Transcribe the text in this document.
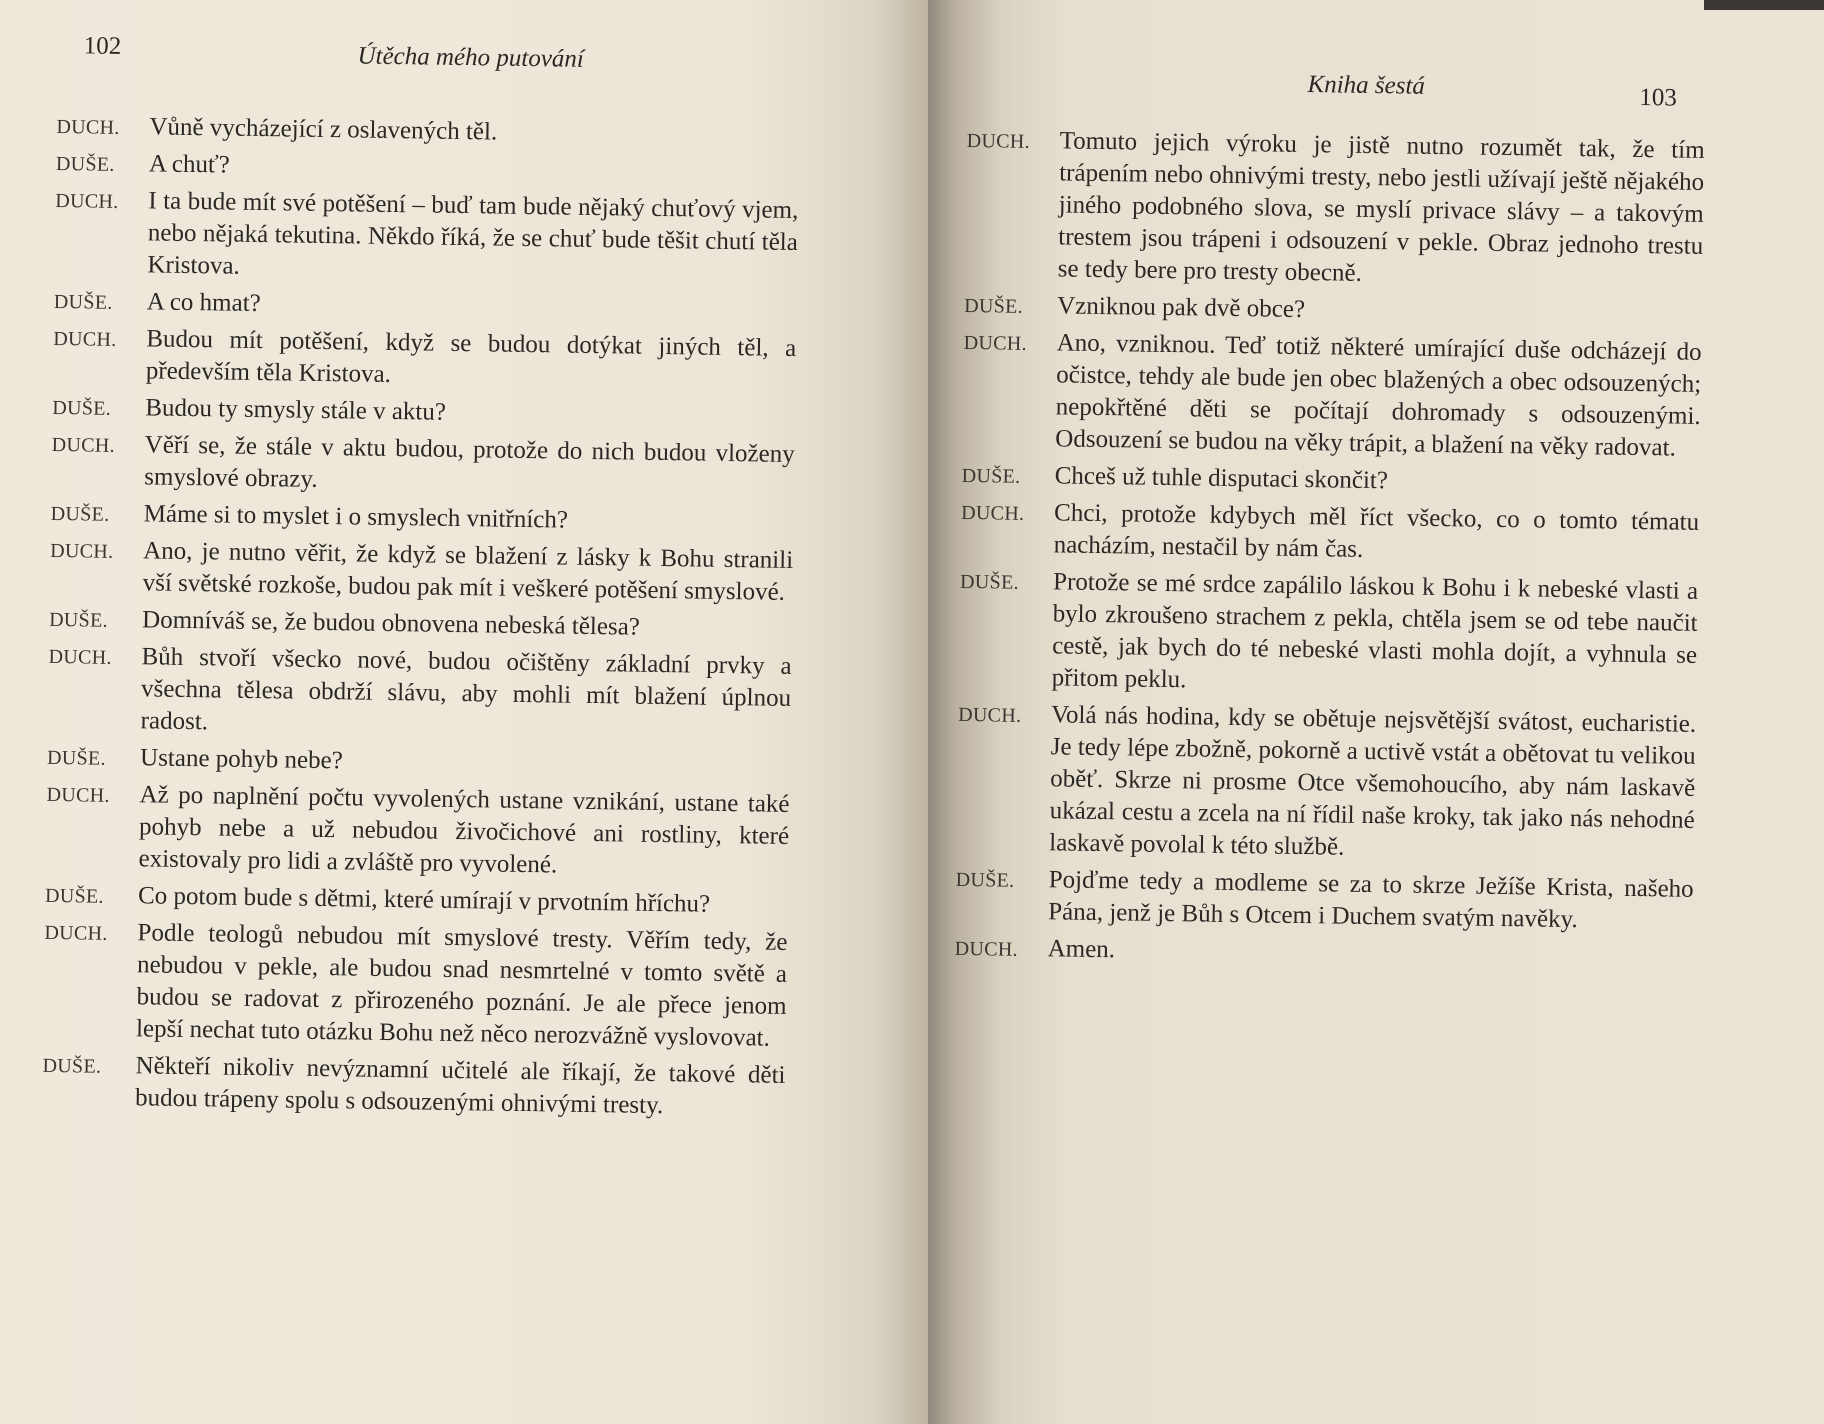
102	Útěcha mého putování
DUCH.	Vůně vycházející z oslavených těl.
DUŠE.	A chuť?
DUCH.	I ta bude mít své potěšení – buď tam bude nějaký chuťový vjem, nebo nějaká tekutina. Někdo říká, že se chuť bude těšit chutí těla Kristova.
DUŠE.	A co hmat?
DUCH.	Budou mít potěšení, když se budou dotýkat jiných těl, a především těla Kristova.
DUŠE.	Budou ty smysly stále v aktu?
DUCH.	Věří se, že stále v aktu budou, protože do nich budou vloženy smyslové obrazy.
DUŠE.	Máme si to myslet i o smyslech vnitřních?
DUCH.	Ano, je nutno věřit, že když se blažení z lásky k Bohu stranili vší světské rozkoše, budou pak mít i veškeré potěšení smyslové.
DUŠE.	Domníváš se, že budou obnovena nebeská tělesa?
DUCH.	Bůh stvoří všecko nové, budou očištěny základní prvky a všechna tělesa obdrží slávu, aby mohli mít blažení úplnou radost.
DUŠE.	Ustane pohyb nebe?
DUCH.	Až po naplnění počtu vyvolených ustane vznikání, ustane také pohyb nebe a už nebudou živočichové ani rostliny, které existovaly pro lidi a zvláště pro vyvolené.
DUŠE.	Co potom bude s dětmi, které umírají v prvotním hříchu?
DUCH.	Podle teologů nebudou mít smyslové tresty. Věřím tedy, že nebudou v pekle, ale budou snad nesmrtelné v tomto světě a budou se radovat z přirozeného poznání. Je ale přece jenom lepší nechat tuto otázku Bohu než něco nerozvážně vyslovovat.
DUŠE.	Někteří nikoliv nevýznamní učitelé ale říkají, že takové děti budou trápeny spolu s odsouzenými ohnivými tresty.
Kniha šestá	103
DUCH.	Tomuto jejich výroku je jistě nutno rozumět tak, že tím trápením nebo ohnivými tresty, nebo jestli užívají ještě nějakého jiného podobného slova, se myslí privace slávy – a takovým trestem jsou trápeni i odsouzení v pekle. Obraz jednoho trestu se tedy bere pro tresty obecně.
DUŠE.	Vzniknou pak dvě obce?
DUCH.	Ano, vzniknou. Teď totiž některé umírající duše odcházejí do očistce, tehdy ale bude jen obec blažených a obec odsouzených; nepokřtěné děti se počítají dohromady s odsouzenými. Odsouzení se budou na věky trápit, a blažení na věky radovat.
DUŠE.	Chceš už tuhle disputaci skončit?
DUCH.	Chci, protože kdybych měl říct všecko, co o tomto tématu nacházím, nestačil by nám čas.
DUŠE.	Protože se mé srdce zapálilo láskou k Bohu i k nebeské vlasti a bylo zkroušeno strachem z pekla, chtěla jsem se od tebe naučit cestě, jak bych do té nebeské vlasti mohla dojít, a vyhnula se přitom peklu.
DUCH.	Volá nás hodina, kdy se obětuje nejsvětější svátost, eucharistie. Je tedy lépe zbožně, pokorně a uctivě vstát a obětovat tu velikou oběť. Skrze ni prosme Otce všemohoucího, aby nám laskavě ukázal cestu a zcela na ní řídil naše kroky, tak jako nás nehodné laskavě povolal k této službě.
DUŠE.	Pojďme tedy a modleme se za to skrze Ježíše Krista, našeho Pána, jenž je Bůh s Otcem i Duchem svatým navěky.
DUCH.	Amen.
